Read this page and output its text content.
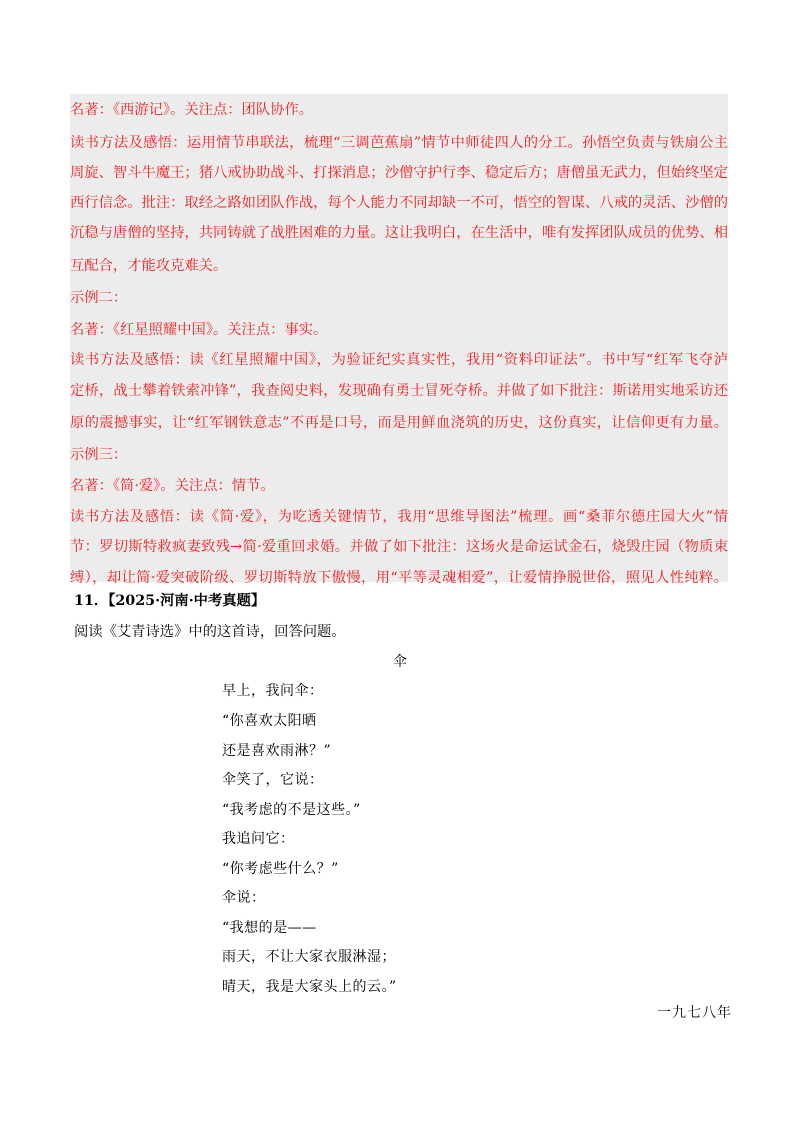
名著：《西游记》。关注点：团队协作。
读书方法及感悟：运用情节串联法，梳理“三调芭蕉扇”情节中师徒四人的分工。孙悟空负责与铁扇公主
周旋、智斗牛魔王；猪八戒协助战斗、打探消息；沙僧守护行李、稳定后方；唐僧虽无武力，但始终坚定
西行信念。批注：取经之路如团队作战，每个人能力不同却缺一不可，悟空的智谋、八戒的灵活、沙僧的
沉稳与唐僧的坚持，共同铸就了战胜困难的力量。这让我明白，在生活中，唯有发挥团队成员的优势、相
互配合，才能攻克难关。
示例二：
名著：《红星照耀中国》。关注点：事实。
读书方法及感悟：读《红星照耀中国》，为验证纪实真实性，我用“资料印证法”。书中写“红军飞夺泸
定桥，战士攀着铁索冲锋”，我查阅史料，发现确有勇士冒死夺桥。并做了如下批注：斯诺用实地采访还
原的震撼事实，让“红军钢铁意志”不再是口号，而是用鲜血浇筑的历史，这份真实，让信仰更有力量。
示例三：
名著：《简·爱》。关注点：情节。
读书方法及感悟：读《简·爱》，为吃透关键情节，我用“思维导图法”梳理。画“桑菲尔德庄园大火”情
节：罗切斯特救疯妻致残→简·爱重回求婚。并做了如下批注：这场火是命运试金石，烧毁庄园（物质束
缚），却让简·爱突破阶级、罗切斯特放下傲慢，用“平等灵魂相爱”，让爱情挣脱世俗，照见人性纯粹。
11．【2025·河南·中考真题】
阅读《艾青诗选》中的这首诗，回答问题。
伞
早上，我问伞：
“你喜欢太阳晒
还是喜欢雨淋？”
伞笑了，它说：
“我考虑的不是这些。”
我追问它：
“你考虑些什么？”
伞说：
“我想的是——
雨天，不让大家衣服淋湿；
晴天，我是大家头上的云。”
一九七八年
